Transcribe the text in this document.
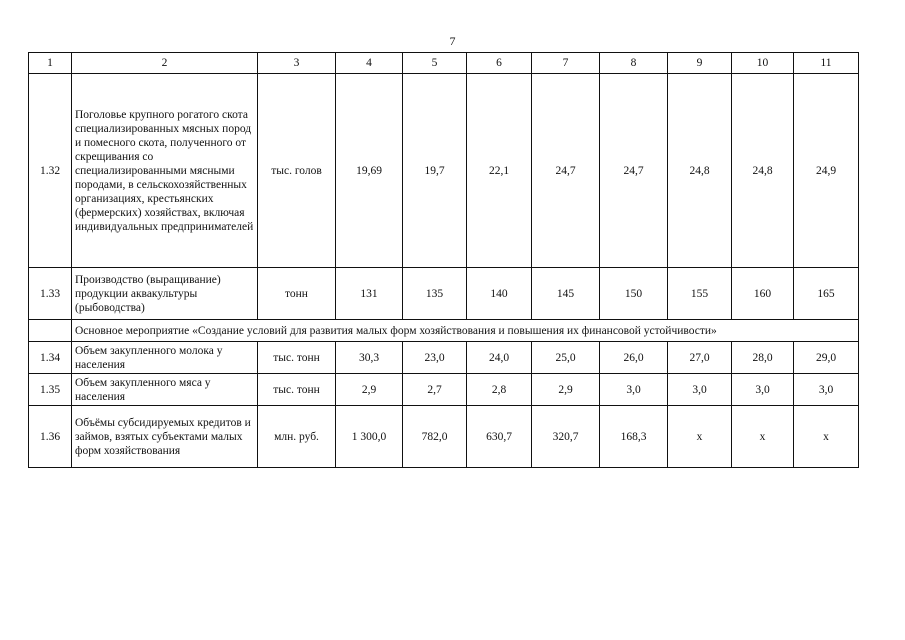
7
1	2	3	4	5	6	7	8	9	10	11
1.32	Поголовье крупного рогатого скота специализированных мясных пород и помесного скота, полученного от скрещивания со специализированными мясными породами, в сельскохозяйственных организациях, крестьянских (фермерских) хозяйствах, включая индивидуальных предпринимателей	тыс. голов	19,69	19,7	22,1	24,7	24,7	24,8	24,8	24,9
1.33	Производство (выращивание) продукции аквакультуры (рыбоводства)	тонн	131	135	140	145	150	155	160	165
	Основное мероприятие «Создание условий для развития малых форм хозяйствования и повышения их финансовой устойчивости»									
1.34	Объем закупленного молока у населения	тыс. тонн	30,3	23,0	24,0	25,0	26,0	27,0	28,0	29,0
1.35	Объем закупленного мяса у населения	тыс. тонн	2,9	2,7	2,8	2,9	3,0	3,0	3,0	3,0
1.36	Объёмы субсидируемых кредитов и займов, взятых субъектами малых форм хозяйствования	млн. руб.	1 300,0	782,0	630,7	320,7	168,3	х	х	х
